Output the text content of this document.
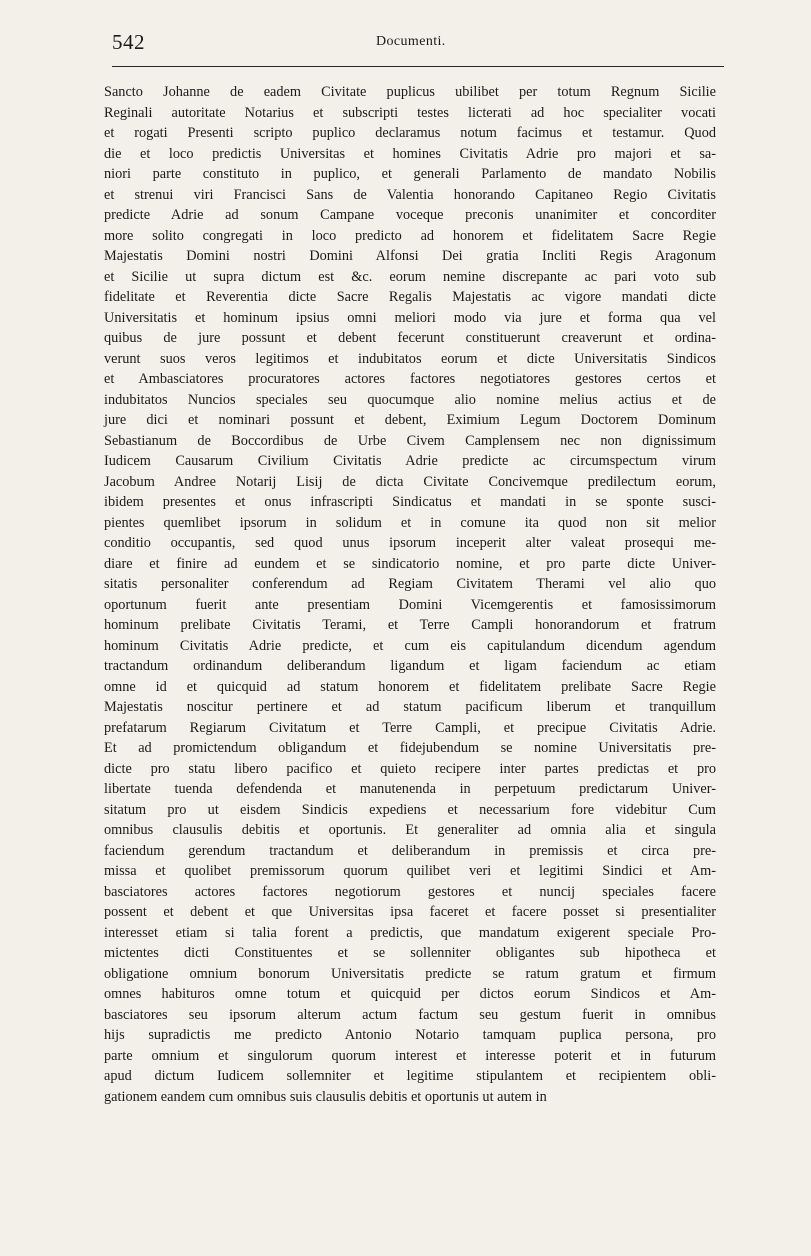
542	Documenti.
Sancto Johanne de eadem Civitate puplicus ubilibet per totum Regnum Sicilie
Reginali autoritate Notarius et subscripti testes licterati ad hoc specialiter vocati
et rogati Presenti scripto puplico declaramus notum facimus et testamur. Quod
die et loco predictis Universitas et homines Civitatis Adrie pro majori et sa-
niori parte constituto in puplico, et generali Parlamento de mandato Nobilis
et strenui viri Francisci Sans de Valentia honorando Capitaneo Regio Civitatis
predicte Adrie ad sonum Campane voceque preconis unanimiter et concorditer
more solito congregati in loco predicto ad honorem et fidelitatem Sacre Regie
Majestatis Domini nostri Domini Alfonsi Dei gratia Incliti Regis Aragonum
et Sicilie ut supra dictum est &c. eorum nemine discrepante ac pari voto sub
fidelitate et Reverentia dicte Sacre Regalis Majestatis ac vigore mandati dicte
Universitatis et hominum ipsius omni meliori modo via jure et forma qua vel
quibus de jure possunt et debent fecerunt constituerunt creaverunt et ordina-
verunt suos veros legitimos et indubitatos eorum et dicte Universitatis Sindicos
et Ambasciatores procuratores actores factores negotiatores gestores certos et
indubitatos Nuncios speciales seu quocumque alio nomine melius actius et de
jure dici et nominari possunt et debent, Eximium Legum Doctorem Dominum
Sebastianum de Boccordibus de Urbe Civem Camplensem nec non dignissimum
Iudicem Causarum Civilium Civitatis Adrie predicte ac circumspectum virum
Jacobum Andree Notarij Lisij de dicta Civitate Concivemque predilectum eorum,
ibidem presentes et onus infrascripti Sindicatus et mandati in se sponte susci-
pientes quemlibet ipsorum in solidum et in comune ita quod non sit melior
conditio occupantis, sed quod unus ipsorum inceperit alter valeat prosequi me-
diare et finire ad eundem et se sindicatorio nomine, et pro parte dicte Univer-
sitatis personaliter conferendum ad Regiam Civitatem Therami vel alio quo
oportunum fuerit ante presentiam Domini Vicemgerentis et famosissimorum
hominum prelibate Civitatis Terami, et Terre Campli honorandorum et fratrum
hominum Civitatis Adrie predicte, et cum eis capitulandum dicendum agendum
tractandum ordinandum deliberandum ligandum et ligam faciendum ac etiam
omne id et quicquid ad statum honorem et fidelitatem prelibate Sacre Regie
Majestatis noscitur pertinere et ad statum pacificum liberum et tranquillum
prefatarum Regiarum Civitatum et Terre Campli, et precipue Civitatis Adrie.
Et ad promictendum obligandum et fidejubendum se nomine Universitatis pre-
dicte pro statu libero pacifico et quieto recipere inter partes predictas et pro
libertate tuenda defendenda et manutenenda in perpetuum predictarum Univer-
sitatum pro ut eisdem Sindicis expediens et necessarium fore videbitur Cum
omnibus clausulis debitis et oportunis. Et generaliter ad omnia alia et singula
faciendum gerendum tractandum et deliberandum in premissis et circa pre-
missa et quolibet premissorum quorum quilibet veri et legitimi Sindici et Am-
basciatores actores factores negotiorum gestores et nuncij speciales facere
possent et debent et que Universitas ipsa faceret et facere posset si presentialiter
interesset etiam si talia forent a predictis, que mandatum exigerent speciale Pro-
mictentes dicti Constituentes et se sollenniter obligantes sub hipotheca et
obligatione omnium bonorum Universitatis predicte se ratum gratum et firmum
omnes habituros omne totum et quicquid per dictos eorum Sindicos et Am-
basciatores seu ipsorum alterum actum factum seu gestum fuerit in omnibus
hijs supradictis me predicto Antonio Notario tamquam puplica persona, pro
parte omnium et singulorum quorum interest et interesse poterit et in futurum
apud dictum Iudicem sollemniter et legitime stipulantem et recipientem obli-
gationem eandem cum omnibus suis clausulis debitis et oportunis ut autem in
